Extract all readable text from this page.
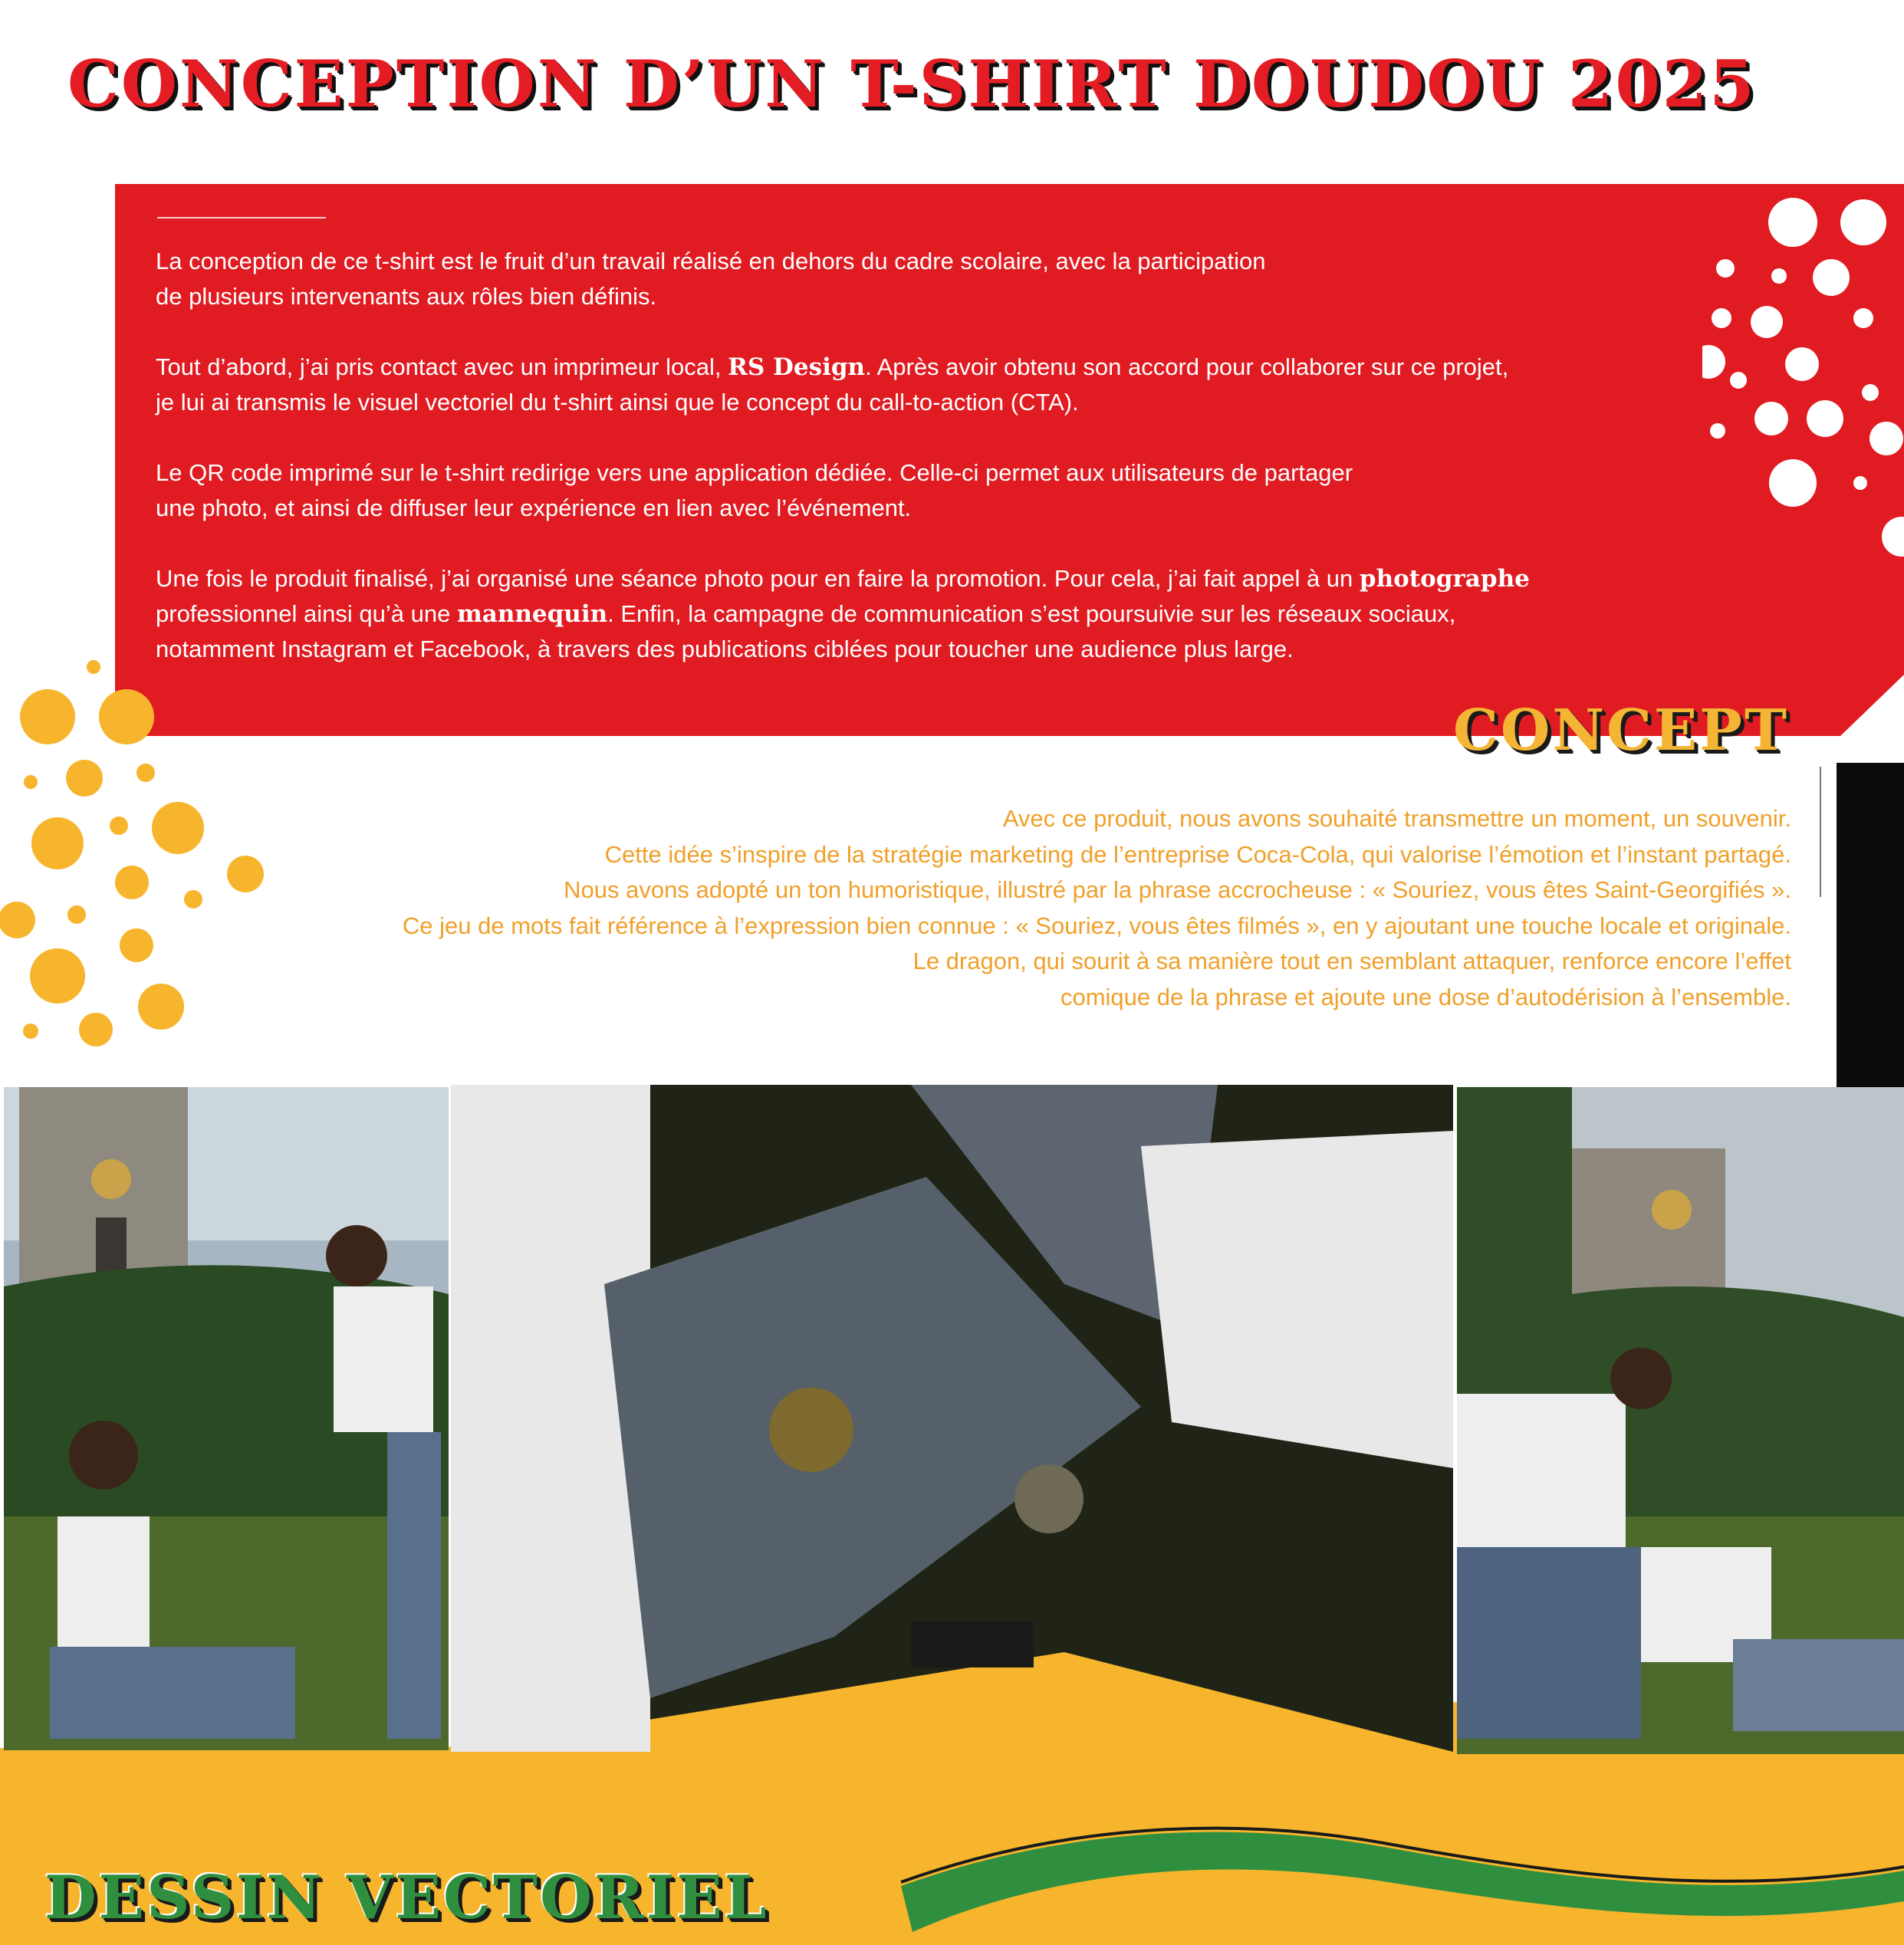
CONCEPTION D’UN T-SHIRT DOUDOU 2025

La conception de ce t-shirt est le fruit d’un travail réalisé en dehors du cadre scolaire, avec la participation
de plusieurs intervenants aux rôles bien définis.

Tout d’abord, j’ai pris contact avec un imprimeur local, RS Design. Après avoir obtenu son accord pour collaborer sur ce projet,
je lui ai transmis le visuel vectoriel du t-shirt ainsi que le concept du call-to-action (CTA).

Le QR code imprimé sur le t-shirt redirige vers une application dédiée. Celle-ci permet aux utilisateurs de partager
une photo, et ainsi de diffuser leur expérience en lien avec l’événement.

Une fois le produit finalisé, j’ai organisé une séance photo pour en faire la promotion. Pour cela, j’ai fait appel à un photographe
professionnel ainsi qu’à une mannequin. Enfin, la campagne de communication s’est poursuivie sur les réseaux sociaux,
notamment Instagram et Facebook, à travers des publications ciblées pour toucher une audience plus large.

CONCEPT
Avec ce produit, nous avons souhaité transmettre un moment, un souvenir.
Cette idée s’inspire de la stratégie marketing de l’entreprise Coca-Cola, qui valorise l’émotion et l’instant partagé.
Nous avons adopté un ton humoristique, illustré par la phrase accrocheuse : « Souriez, vous êtes Saint-Georgifiés ».
Ce jeu de mots fait référence à l’expression bien connue : « Souriez, vous êtes filmés », en y ajoutant une touche locale et originale.
Le dragon, qui sourit à sa manière tout en semblant attaquer, renforce encore l’effet
comique de la phrase et ajoute une dose d’autodérision à l’ensemble.
DESSIN VECTORIEL
